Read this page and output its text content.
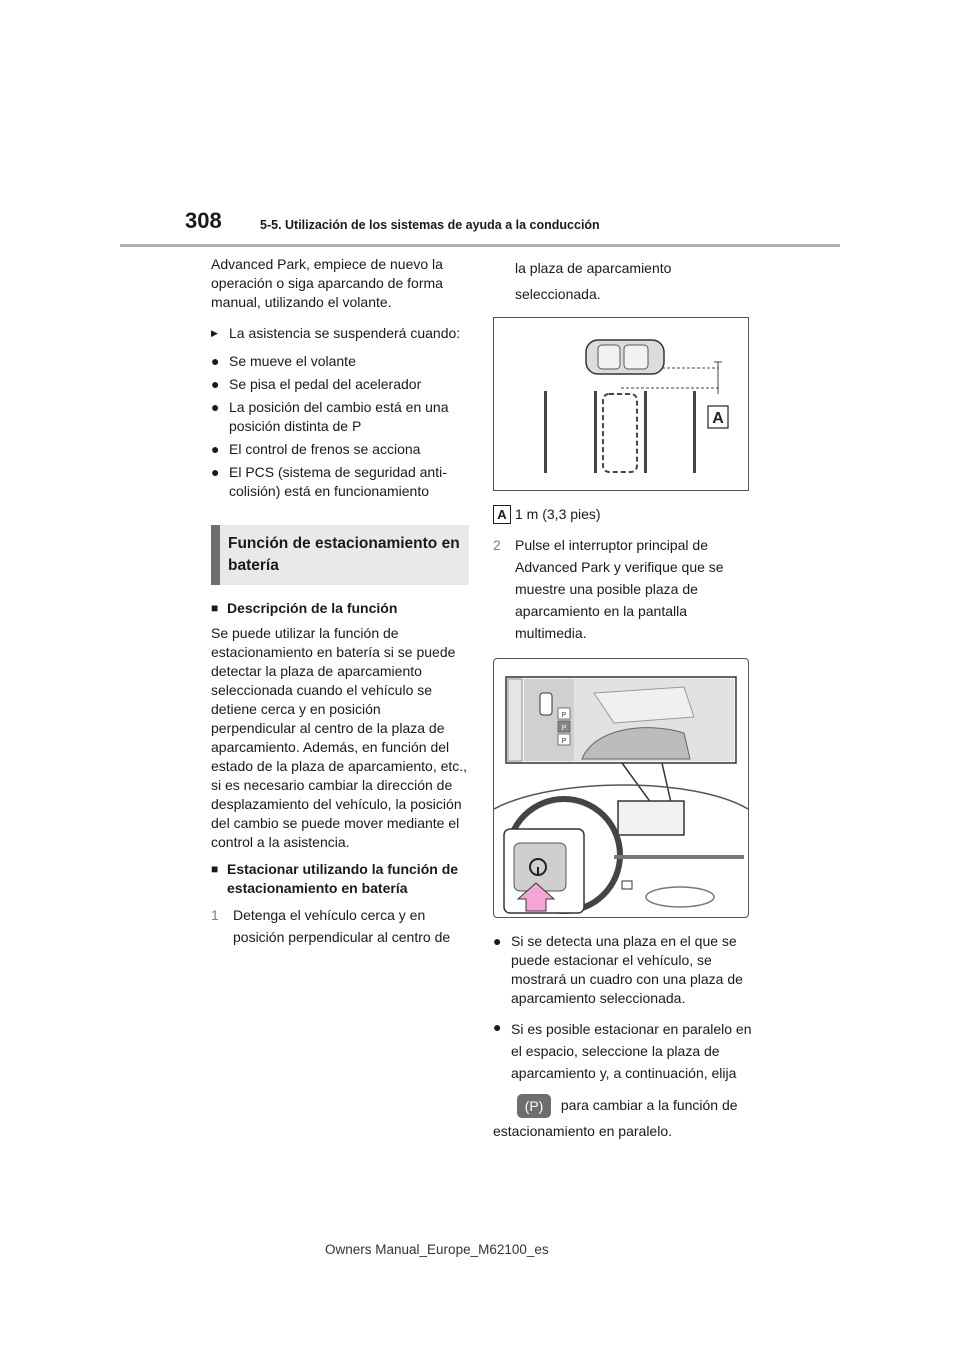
308	5-5. Utilización de los sistemas de ayuda a la conducción

Advanced Park, empiece de nuevo la operación o siga aparcando de forma manual, utilizando el volante.

▶ La asistencia se suspenderá cuando:
● Se mueve el volante
● Se pisa el pedal del acelerador
● La posición del cambio está en una posición distinta de P
● El control de frenos se acciona
● El PCS (sistema de seguridad anti-colisión) está en funcionamiento
Función de estacionamiento en batería
■ Descripción de la función

Se puede utilizar la función de estacionamiento en batería si se puede detectar la plaza de aparcamiento seleccionada cuando el vehículo se detiene cerca y en posición perpendicular al centro de la plaza de aparcamiento. Además, en función del estado de la plaza de aparcamiento, etc., si es necesario cambiar la dirección de desplazamiento del vehículo, la posición del cambio se puede mover mediante el control a la asistencia.

■ Estacionar utilizando la función de estacionamiento en batería
1	Detenga el vehículo cerca y en posición perpendicular al centro de

la plaza de aparcamiento seleccionada.

A
A 1 m (3,3 pies)
2	Pulse el interruptor principal de Advanced Park y verifique que se muestre una posible plaza de aparcamiento en la pantalla multimedia.
P
P
P
● Si se detecta una plaza en el que se puede estacionar el vehículo, se mostrará un cuadro con una plaza de aparcamiento seleccionada.
● Si es posible estacionar en paralelo en el espacio, seleccione la plaza de aparcamiento y, a continuación, elija
(P) para cambiar a la función de estacionamiento en paralelo.
Owners Manual_Europe_M62100_es
